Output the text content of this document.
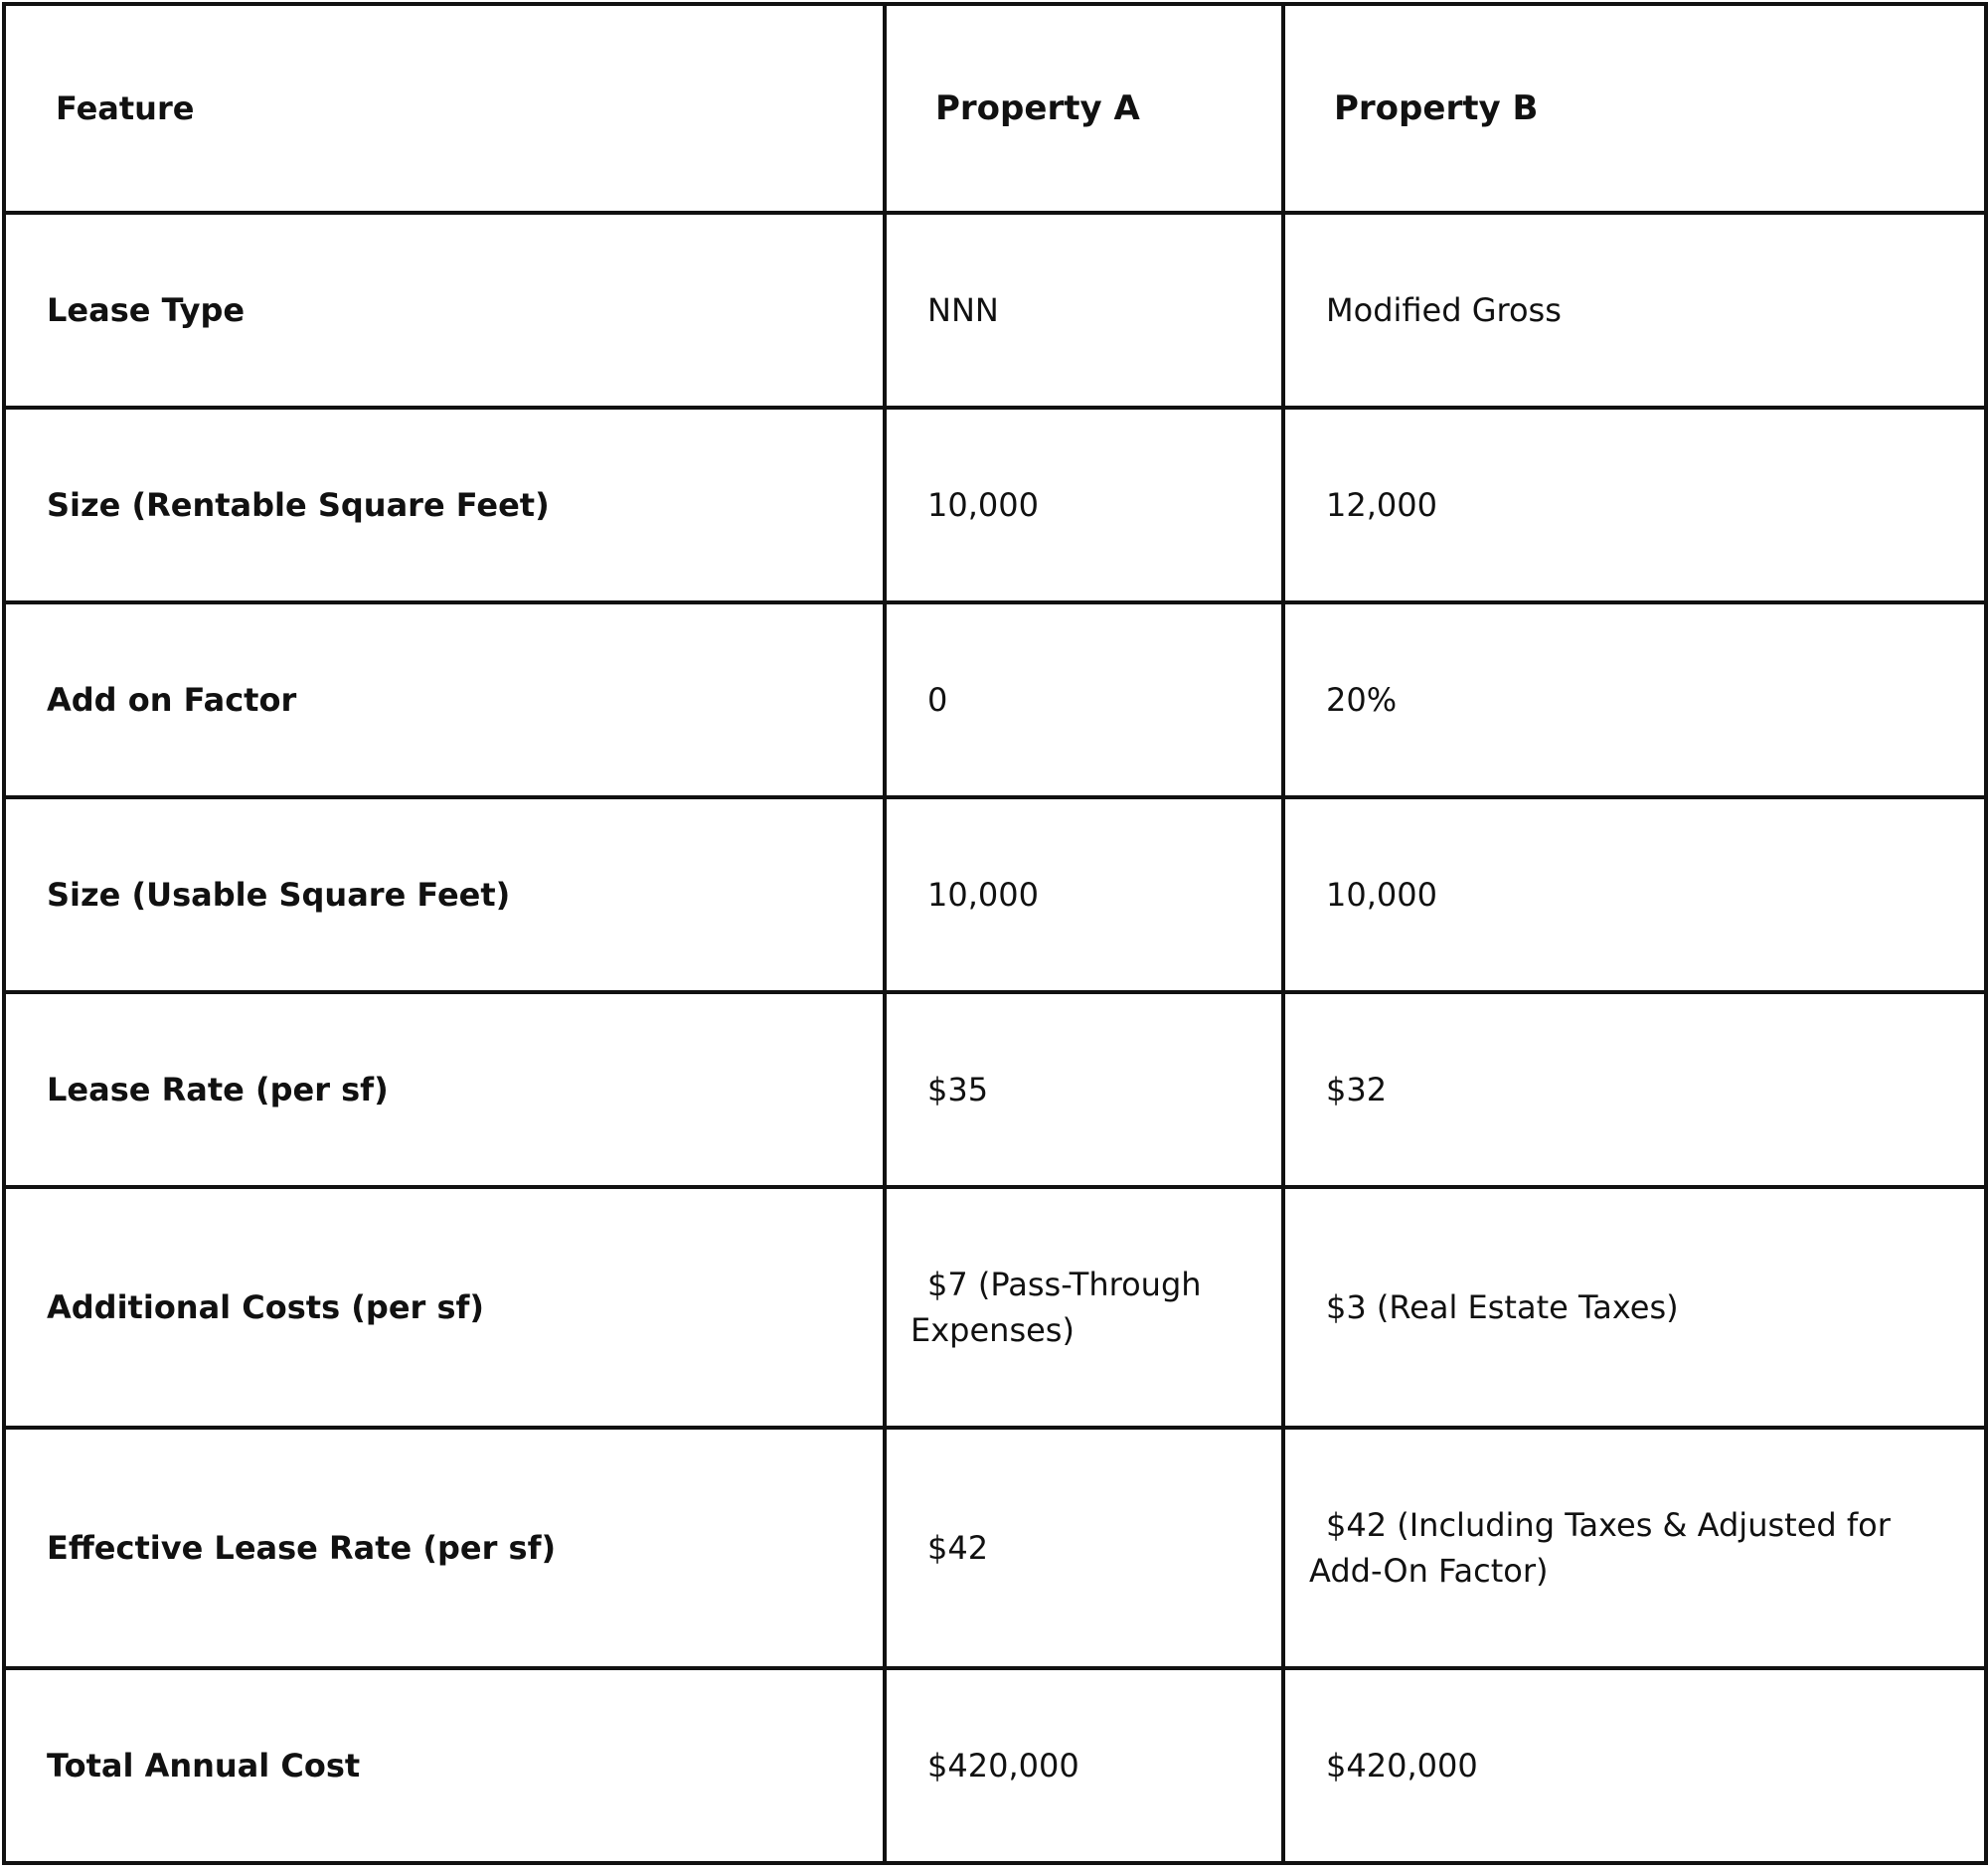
Feature	Property A	Property B
Lease Type	NNN	Modified Gross
Size (Rentable Square Feet)	10,000	12,000
Add on Factor	0	20%
Size (Usable Square Feet)	10,000	10,000
Lease Rate (per sf)	$35	$32
Additional Costs (per sf)	$7 (Pass-Through Expenses)	$3 (Real Estate Taxes)
Effective Lease Rate (per sf)	$42	$42 (Including Taxes & Adjusted for Add-On Factor)

Total Annual Cost	$420,000	$420,000
